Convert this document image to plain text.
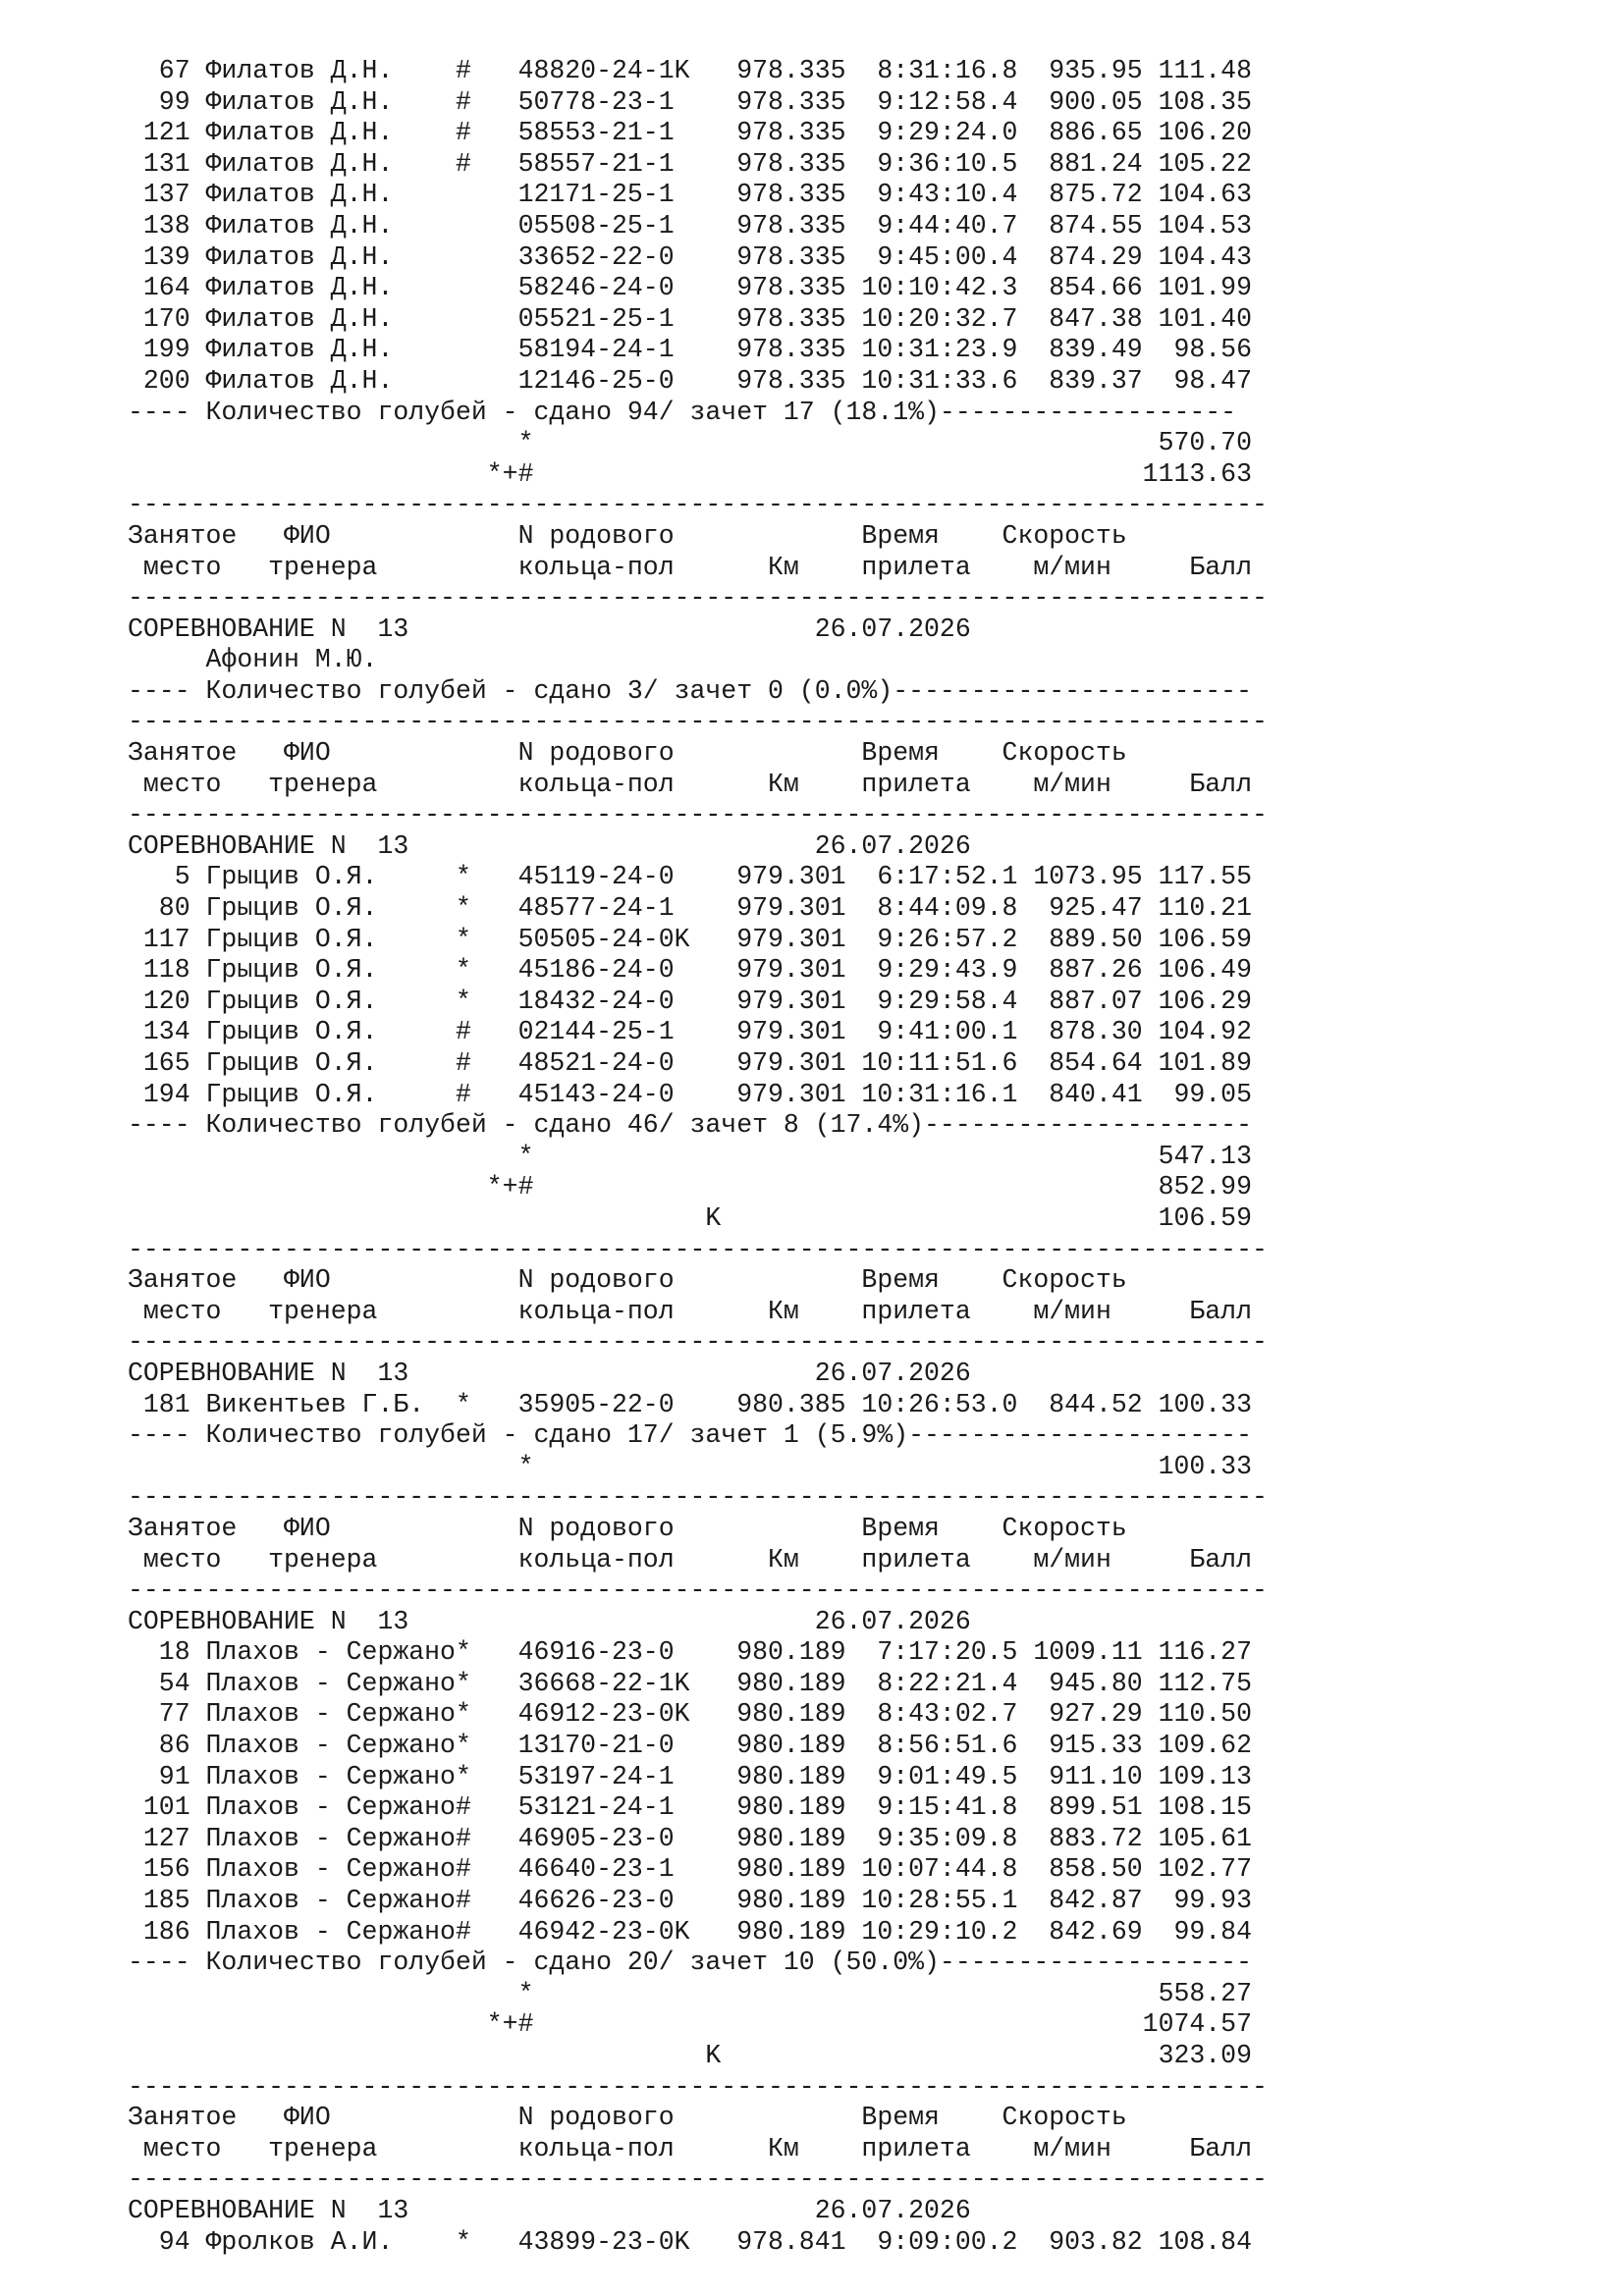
67 Филатов Д.Н.    #   48820-24-1K   978.335  8:31:16.8  935.95 111.48
99 Филатов Д.Н.    #   50778-23-1    978.335  9:12:58.4  900.05 108.35
121 Филатов Д.Н.    #   58553-21-1    978.335  9:29:24.0  886.65 106.20
131 Филатов Д.Н.    #   58557-21-1    978.335  9:36:10.5  881.24 105.22
137 Филатов Д.Н.        12171-25-1    978.335  9:43:10.4  875.72 104.63
138 Филатов Д.Н.        05508-25-1    978.335  9:44:40.7  874.55 104.53
139 Филатов Д.Н.        33652-22-0    978.335  9:45:00.4  874.29 104.43
164 Филатов Д.Н.        58246-24-0    978.335 10:10:42.3  854.66 101.99
170 Филатов Д.Н.        05521-25-1    978.335 10:20:32.7  847.38 101.40
199 Филатов Д.Н.        58194-24-1    978.335 10:31:23.9  839.49  98.56
200 Филатов Д.Н.        12146-25-0    978.335 10:31:33.6  839.37  98.47
---- Количество голубей - сдано 94/ зачет 17 (18.1%)-------------------
*                                        570.70
*+#                                       1113.63
-------------------------------------------------------------------------
Занятое   ФИО            N родового            Время    Скорость
место   тренера         кольца-пол      Км    прилета    м/мин     Балл
-------------------------------------------------------------------------
СОРЕВНОВАНИЕ N  13                          26.07.2026
Афонин М.Ю.
---- Количество голубей - сдано 3/ зачет 0 (0.0%)-----------------------
-------------------------------------------------------------------------
Занятое   ФИО            N родового            Время    Скорость
место   тренера         кольца-пол      Км    прилета    м/мин     Балл
-------------------------------------------------------------------------
СОРЕВНОВАНИЕ N  13                          26.07.2026
5 Грыцив О.Я.     *   45119-24-0    979.301  6:17:52.1 1073.95 117.55
80 Грыцив О.Я.     *   48577-24-1    979.301  8:44:09.8  925.47 110.21
117 Грыцив О.Я.     *   50505-24-0K   979.301  9:26:57.2  889.50 106.59
118 Грыцив О.Я.     *   45186-24-0    979.301  9:29:43.9  887.26 106.49
120 Грыцив О.Я.     *   18432-24-0    979.301  9:29:58.4  887.07 106.29
134 Грыцив О.Я.     #   02144-25-1    979.301  9:41:00.1  878.30 104.92
165 Грыцив О.Я.     #   48521-24-0    979.301 10:11:51.6  854.64 101.89
194 Грыцив О.Я.     #   45143-24-0    979.301 10:31:16.1  840.41  99.05
---- Количество голубей - сдано 46/ зачет 8 (17.4%)---------------------
*                                        547.13
*+#                                        852.99
K                            106.59
-------------------------------------------------------------------------
Занятое   ФИО            N родового            Время    Скорость
место   тренера         кольца-пол      Км    прилета    м/мин     Балл
-------------------------------------------------------------------------
СОРЕВНОВАНИЕ N  13                          26.07.2026
181 Викентьев Г.Б.  *   35905-22-0    980.385 10:26:53.0  844.52 100.33
---- Количество голубей - сдано 17/ зачет 1 (5.9%)----------------------
*                                        100.33
-------------------------------------------------------------------------
Занятое   ФИО            N родового            Время    Скорость
место   тренера         кольца-пол      Км    прилета    м/мин     Балл
-------------------------------------------------------------------------
СОРЕВНОВАНИЕ N  13                          26.07.2026
18 Плахов - Сержано*   46916-23-0    980.189  7:17:20.5 1009.11 116.27
54 Плахов - Сержано*   36668-22-1K   980.189  8:22:21.4  945.80 112.75
77 Плахов - Сержано*   46912-23-0K   980.189  8:43:02.7  927.29 110.50
86 Плахов - Сержано*   13170-21-0    980.189  8:56:51.6  915.33 109.62
91 Плахов - Сержано*   53197-24-1    980.189  9:01:49.5  911.10 109.13
101 Плахов - Сержано#   53121-24-1    980.189  9:15:41.8  899.51 108.15
127 Плахов - Сержано#   46905-23-0    980.189  9:35:09.8  883.72 105.61
156 Плахов - Сержано#   46640-23-1    980.189 10:07:44.8  858.50 102.77
185 Плахов - Сержано#   46626-23-0    980.189 10:28:55.1  842.87  99.93
186 Плахов - Сержано#   46942-23-0K   980.189 10:29:10.2  842.69  99.84
---- Количество голубей - сдано 20/ зачет 10 (50.0%)--------------------
*                                        558.27
*+#                                       1074.57
K                            323.09
-------------------------------------------------------------------------
Занятое   ФИО            N родового            Время    Скорость
место   тренера         кольца-пол      Км    прилета    м/мин     Балл
-------------------------------------------------------------------------
СОРЕВНОВАНИЕ N  13                          26.07.2026
94 Фролков А.И.    *   43899-23-0K   978.841  9:09:00.2  903.82 108.84
